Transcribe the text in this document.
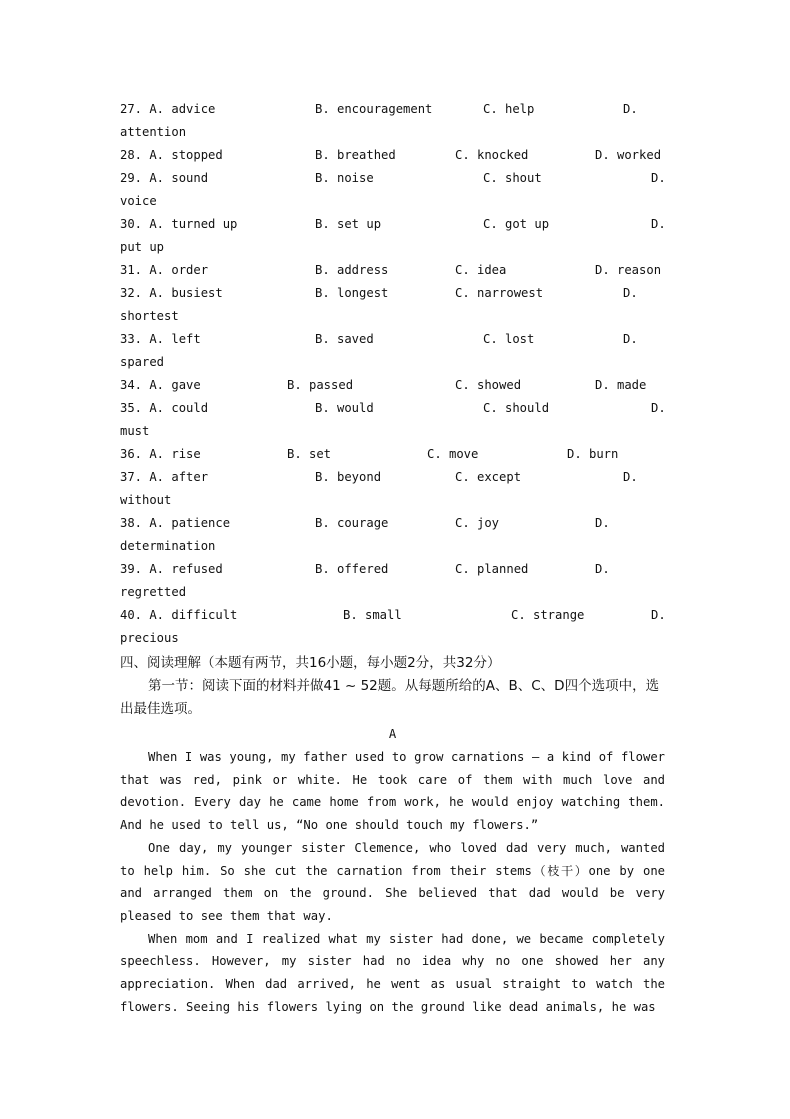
27. A. advice	B. encouragement	C. help	D.
attention
28. A. stopped	B. breathed	C. knocked	D. worked
29. A. sound	B. noise	C. shout	D.
voice
30. A. turned up	B. set up	C. got up	D.
put up
31. A. order	B. address	C. idea	D. reason
32. A. busiest	B. longest	C. narrowest	D.
shortest
33. A. left	B. saved	C. lost	D.
spared
34. A. gave	B. passed	C. showed	D. made
35. A. could	B. would	C. should	D.
must
36. A. rise	B. set	C. move	D. burn
37. A. after	B. beyond	C. except	D.
without
38. A. patience	B. courage	C. joy	D.
determination
39. A. refused	B. offered	C. planned	D.
regretted
40. A. difficult	B. small	C. strange	D.
precious
四、阅读理解（本题有两节，共16小题，每小题2分，共32分）
第一节：阅读下面的材料并做41 ~ 52题。从每题所给的A、B、C、D四个选项中，选出最佳选项。
A

When I was young, my father used to grow carnations — a kind of flower that was red, pink or white. He took care of them with much love and devotion. Every day he came home from work, he would enjoy watching them. And he used to tell us, “No one should touch my flowers.”

One day, my younger sister Clemence, who loved dad very much, wanted to help him. So she cut the carnation from their stems（枝干）one by one and arranged them on the ground. She believed that dad would be very pleased to see them that way.

When mom and I realized what my sister had done, we became completely speechless. However, my sister had no idea why no one showed her any appreciation. When dad arrived, he went as usual straight to watch the flowers. Seeing his flowers lying on the ground like dead animals, he was
